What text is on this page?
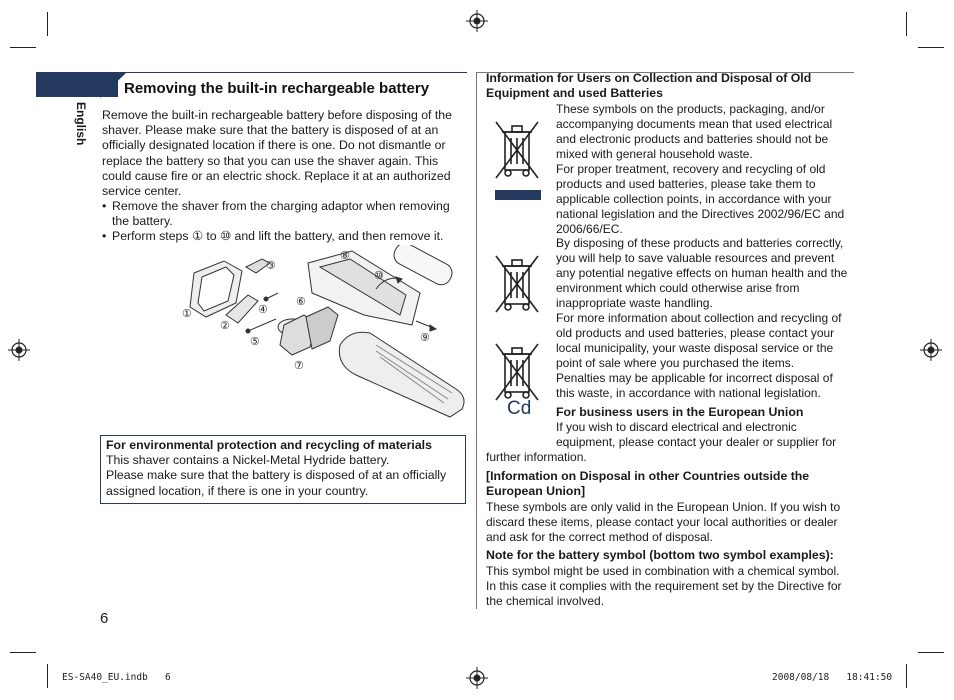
English
Removing the built-in rechargeable battery
Remove the built-in rechargeable battery before disposing of the shaver. Please make sure that the battery is disposed of at an officially designated location if there is one. Do not dismantle or replace the battery so that you can use the shaver again. This could cause fire or an electric shock. Replace it at an authorized service center.
• Remove the shaver from the charging adaptor when removing the battery.
• Perform steps ① to ⑩ and lift the battery, and then remove it.
①
②
③
④
⑤
⑥
⑦
⑧
⑨
⑩
For environmental protection and recycling of materials
This shaver contains a Nickel-Metal Hydride battery.
Please make sure that the battery is disposed of at an officially assigned location, if there is one in your country.
6
Information for Users on Collection and Disposal of Old Equipment and used Batteries
These symbols on the products, packaging, and/or accompanying documents mean that used electrical and electronic products and batteries should not be mixed with general household waste.
For proper treatment, recovery and recycling of old products and used batteries, please take them to applicable collection points, in accordance with your national legislation and the Directives 2002/96/EC and 2006/66/EC.
By disposing of these products and batteries correctly, you will help to save valuable resources and prevent any potential negative effects on human health and the environment which could otherwise arise from inappropriate waste handling.
For more information about collection and recycling of old products and used batteries, please contact your local municipality, your waste disposal service or the point of sale where you purchased the items.
Penalties may be applicable for incorrect disposal of this waste, in accordance with national legislation.
Cd For business users in the European Union
If you wish to discard electrical and electronic equipment, please contact your dealer or supplier for
further information.
[Information on Disposal in other Countries outside the European Union]
These symbols are only valid in the European Union. If you wish to discard these items, please contact your local authorities or dealer and ask for the correct method of disposal.
Note for the battery symbol (bottom two symbol examples):
This symbol might be used in combination with a chemical symbol. In this case it complies with the requirement set by the Directive for the chemical involved.
ES-SA40_EU.indb   6	2008/08/18   18:41:50
